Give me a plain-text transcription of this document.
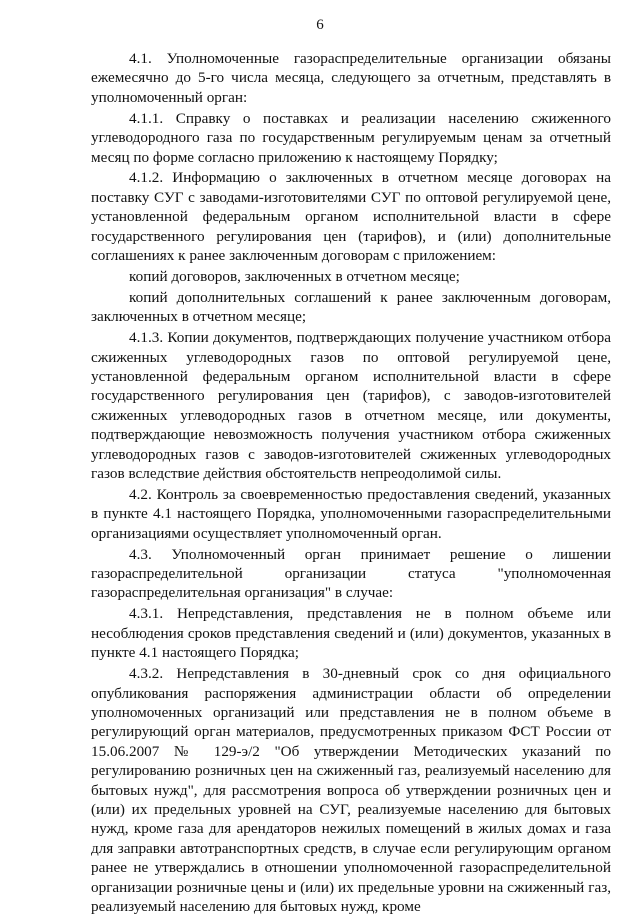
6

4.1. Уполномоченные газораспределительные организации обязаны ежемесячно до 5-го числа месяца, следующего за отчетным, представлять в уполномоченный орган:

4.1.1. Справку о поставках и реализации населению сжиженного углеводородного газа по государственным регулируемым ценам за отчетный месяц по форме согласно приложению к настоящему Порядку;

4.1.2. Информацию о заключенных в отчетном месяце договорах на поставку СУГ с заводами-изготовителями СУГ по оптовой регулируемой цене, установленной федеральным органом исполнительной власти в сфере государственного регулирования цен (тарифов), и (или) дополнительные соглашениях к ранее заключенным договорам с приложением:

копий договоров, заключенных в отчетном месяце;

копий дополнительных соглашений к ранее заключенным договорам, заключенных в отчетном месяце;

4.1.3. Копии документов, подтверждающих получение участником отбора сжиженных углеводородных газов по оптовой регулируемой цене, установленной федеральным органом исполнительной власти в сфере государственного регулирования цен (тарифов), с заводов-изготовителей сжиженных углеводородных газов в отчетном месяце, или документы, подтверждающие невозможность получения участником отбора сжиженных углеводородных газов с заводов-изготовителей сжиженных углеводородных газов вследствие действия обстоятельств непреодолимой силы.

4.2. Контроль за своевременностью предоставления сведений, указанных в пункте 4.1 настоящего Порядка, уполномоченными газораспределительными организациями осуществляет уполномоченный орган.

4.3. Уполномоченный орган принимает решение о лишении газораспределительной организации статуса "уполномоченная газораспределительная организация" в случае:

4.3.1. Непредставления, представления не в полном объеме или несоблюдения сроков представления сведений и (или) документов, указанных в пункте 4.1 настоящего Порядка;

4.3.2. Непредставления в 30-дневный срок со дня официального опубликования распоряжения администрации области об определении уполномоченных организаций или представления не в полном объеме в регулирующий орган материалов, предусмотренных приказом ФСТ России от 15.06.2007 № 129-э/2 "Об утверждении Методических указаний по регулированию розничных цен на сжиженный газ, реализуемый населению для бытовых нужд", для рассмотрения вопроса об утверждении розничных цен и (или) их предельных уровней на СУГ, реализуемые населению для бытовых нужд, кроме газа для арендаторов нежилых помещений в жилых домах и газа для заправки автотранспортных средств, в случае если регулирующим органом ранее не утверждались в отношении уполномоченной газораспределительной организации розничные цены и (или) их предельные уровни на сжиженный газ, реализуемый населению для бытовых нужд, кроме
